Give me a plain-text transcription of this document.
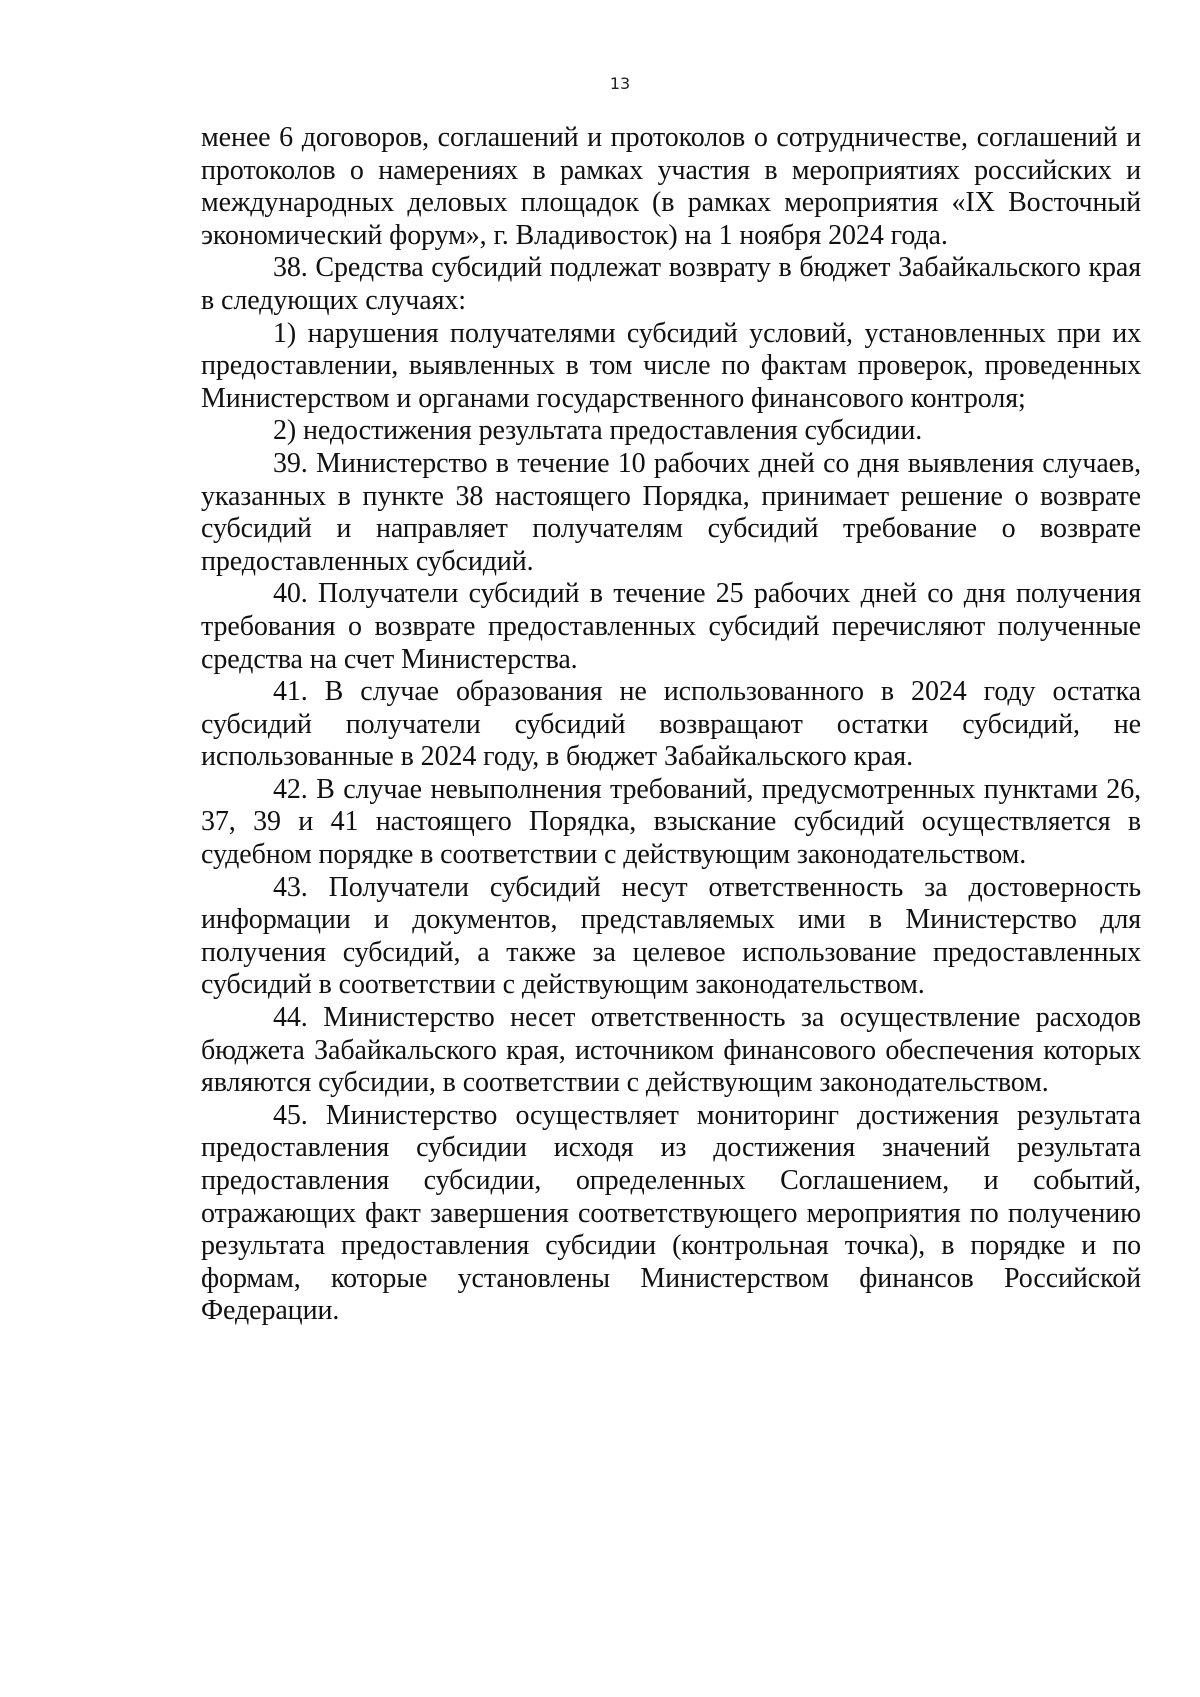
13

менее 6 договоров, соглашений и протоколов о сотрудничестве, соглашений и протоколов о намерениях в рамках участия в мероприятиях российских и международных деловых площадок (в рамках мероприятия «IX Восточный экономический форум», г. Владивосток) на 1 ноября 2024 года.

38. Средства субсидий подлежат возврату в бюджет Забайкальского края в следующих случаях:

1) нарушения получателями субсидий условий, установленных при их предоставлении, выявленных в том числе по фактам проверок, проведенных Министерством и органами государственного финансового контроля;

2) недостижения результата предоставления субсидии.

39. Министерство в течение 10 рабочих дней со дня выявления случаев, указанных в пункте 38 настоящего Порядка, принимает решение о возврате субсидий и направляет получателям субсидий требование о возврате предоставленных субсидий.

40. Получатели субсидий в течение 25 рабочих дней со дня получения требования о возврате предоставленных субсидий перечисляют полученные средства на счет Министерства.

41. В случае образования не использованного в 2024 году остатка субсидий получатели субсидий возвращают остатки субсидий, не использованные в 2024 году, в бюджет Забайкальского края.

42. В случае невыполнения требований, предусмотренных пунктами 26, 37, 39 и 41 настоящего Порядка, взыскание субсидий осуществляется в судебном порядке в соответствии с действующим законодательством.

43. Получатели субсидий несут ответственность за достоверность информации и документов, представляемых ими в Министерство для получения субсидий, а также за целевое использование предоставленных субсидий в соответствии с действующим законодательством.

44. Министерство несет ответственность за осуществление расходов бюджета Забайкальского края, источником финансового обеспечения которых являются субсидии, в соответствии с действующим законодательством.

45. Министерство осуществляет мониторинг достижения результата предоставления субсидии исходя из достижения значений результата предоставления субсидии, определенных Соглашением, и событий, отражающих факт завершения соответствующего мероприятия по получению результата предоставления субсидии (контрольная точка), в порядке и по формам, которые установлены Министерством финансов Российской Федерации.
